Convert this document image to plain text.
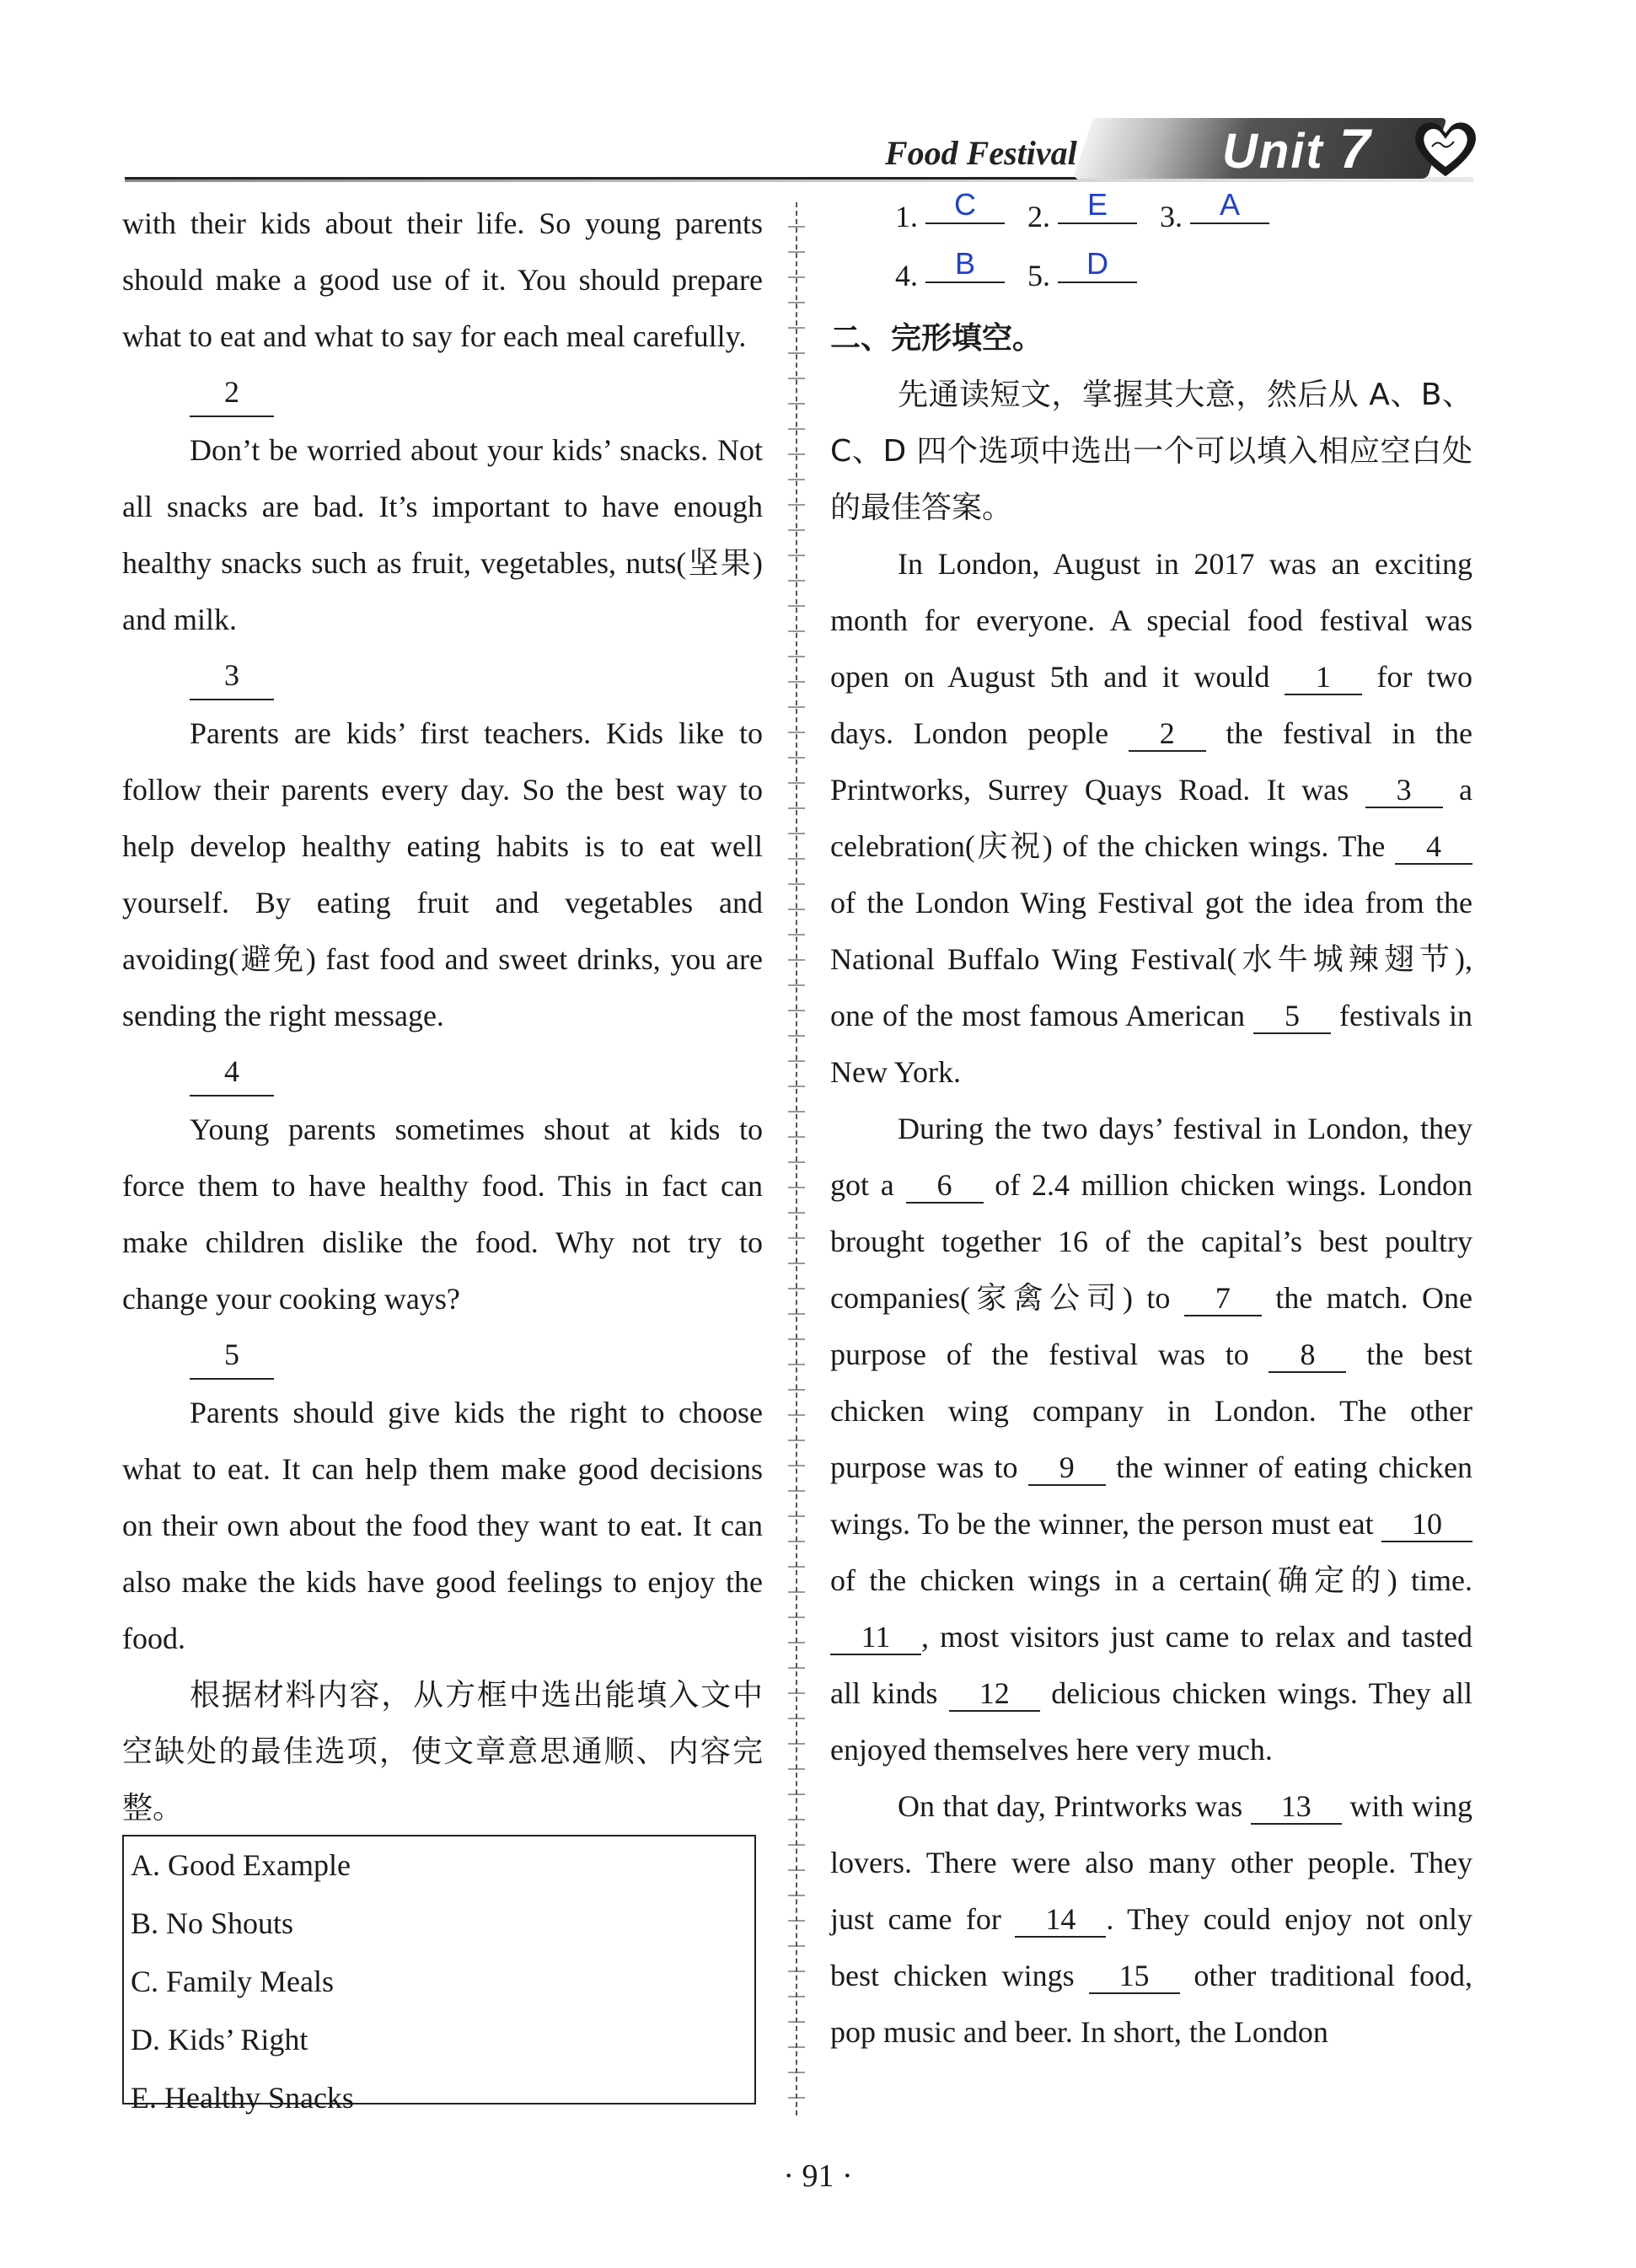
Food Festival	Unit 7

with their kids about their life. So young parents should make a good use of it. You should prepare what to eat and what to say for each meal carefully.

2

Don’t be worried about your kids’ snacks. Not all snacks are bad. It’s important to have enough healthy snacks such as fruit, vegetables, nuts(坚果) and milk.

3

Parents are kids’ first teachers. Kids like to follow their parents every day. So the best way to help develop healthy eating habits is to eat well yourself. By eating fruit and vegetables and avoiding(避免) fast food and sweet drinks, you are sending the right message.

4

Young parents sometimes shout at kids to force them to have healthy food. This in fact can make children dislike the food. Why not try to change your cooking ways?

5

Parents should give kids the right to choose what to eat. It can help them make good decisions on their own about the food they want to eat. It can also make the kids have good feelings to enjoy the food.

根据材料内容，从方框中选出能填入文中空缺处的最佳选项，使文章意思通顺、内容完整。

A. Good Example
B. No Shouts
C. Family Meals
D. Kids’ Right
E. Healthy Snacks
1. C 2. E 3. A
4. B 5. D

二、完形填空。

先通读短文，掌握其大意，然后从 A、B、C、D 四个选项中选出一个可以填入相应空白处的最佳答案。

In London, August in 2017 was an exciting month for everyone. A special food festival was open on August 5th and it would 1 for two days. London people 2 the festival in the Printworks, Surrey Quays Road. It was 3 a celebration(庆祝) of the chicken wings. The 4 of the London Wing Festival got the idea from the National Buffalo Wing Festival(水牛城辣翅节), one of the most famous American 5 festivals in New York.

During the two days’ festival in London, they got a 6 of 2.4 million chicken wings. London brought together 16 of the capital’s best poultry companies(家禽公司) to 7 the match. One purpose of the festival was to 8 the best chicken wing company in London. The other purpose was to 9 the winner of eating chicken wings. To be the winner, the person must eat 10 of the chicken wings in a certain(确定的) time. 11 , most visitors just came to relax and tasted all kinds 12 delicious chicken wings. They all enjoyed themselves here very much.

On that day, Printworks was 13 with wing lovers. There were also many other people. They just came for 14 . They could enjoy not only best chicken wings 15 other traditional food, pop music and beer. In short, the London

· 91 ·
